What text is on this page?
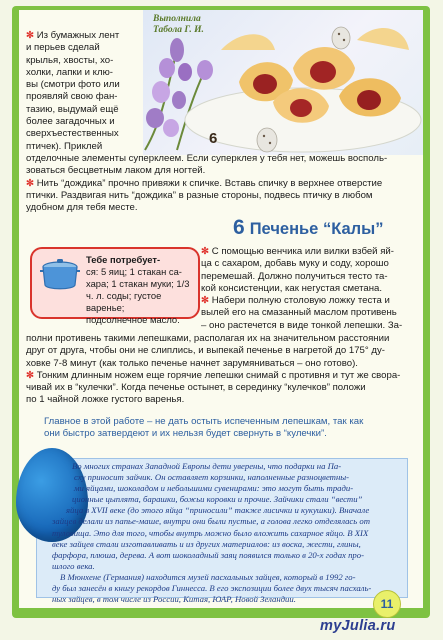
Выполнила
Табола Г. И.
6
✻ Из бумажных лент
и перьев сделай
крылья, хвосты, хо-
холки, лапки и клю-
вы (смотри фото или
проявляй свою фан-
тазию, выдумай ещё
более загадочных и
сверхъестественных
птичек). Приклей
отделочные элементы суперклеем. Если суперклея у тебя нет, можешь восполь-
зоваться бесцветным лаком для ногтей.
✻ Нить “дождика” прочно привяжи к спичке. Вставь спичку в верхнее отверстие
птички. Раздвигая нить “дождика” в разные стороны, подвесь птичку в любом
удобном для тебя месте.
6 Печенье “Калы”
Тебе потребует-
ся: 5 яиц; 1 стакан са-
хара; 1 стакан муки; 1/3
ч. л. соды; густое варенье;
подсолнечное масло.
✻ С помощью венчика или вилки взбей яй-
ца с сахаром, добавь муку и соду, хорошо
перемешай. Должно получиться тесто та-
кой консистенции, как негустая сметана.
✻ Набери полную столовую ложку теста и
вылей его на смазанный маслом противень
– оно растечется в виде тонкой лепешки. За-
полни противень такими лепешками, располагая их на значительном расстоянии
друг от друга, чтобы они не слиплись, и выпекай печенье в нагретой до 175° ду-
ховке 7-8 минут (как только печенье начнет зарумяниваться – оно готово).
✻ Тонким длинным ножем еще горячие лепешки снимай с противня и тут же свора-
чивай их в “кулечки”. Когда печенье остынет, в серединку “кулечков” положи
по 1 чайной ложке густого варенья.
Главное в этой работе – не дать остыть испеченным лепешкам, так как
они быстро затвердеют и их нельзя будет свернуть в “кулечки”.
Во многих странах Западной Европы дети уверены, что подарки на Па-
сху приносит зайчик. Он оставляет корзинки, наполненные разноцветны-
ми яйцами, шоколадом и небольшими сувенирами: это могут быть тради-
ционные цыплята, барашки, божьи коровки и прочие. Зайчики стали “вести”
яйца в XVII веке (до этого яйца “приносили” также лисички и кукушки). Вначале
зайцев делали из папье-маше, внутри они были пустые, а голова легко отделялась от
туловища. Это для того, чтобы внутрь можно было вложить сахарное яйцо. В XIX
веке зайцев стали изготавливать и из других материалов: из воска, жести, глины,
фарфора, плюша, дерева. А вот шоколадный заяц появился только в 20-х годах про-
шлого века.
В Мюнхене (Германия) находится музей пасхальных зайцев, который в 1992 го-
ду был занесён в книгу рекордов Гиннесса. В его экспозиции более двух тысяч пасхаль-
ных зайцев, в том числе из России, Китая, ЮАР, Новой Зеландии.	11
myJulia.ru
